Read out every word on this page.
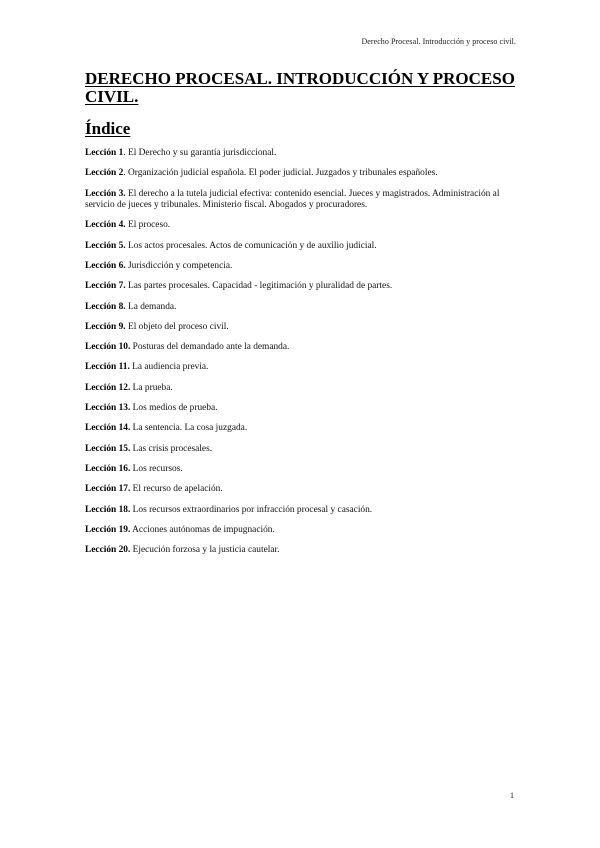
Derecho Procesal. Introducción y proceso civil.
DERECHO PROCESAL. INTRODUCCIÓN Y PROCESO CIVIL.
Índice
Lección 1. El Derecho y su garantía jurisdiccional.
Lección 2. Organización judicial española. El poder judicial. Juzgados y tribunales españoles.
Lección 3. El derecho a la tutela judicial efectiva: contenido esencial. Jueces y magistrados. Administración al servicio de jueces y tribunales. Ministerio fiscal. Abogados y procuradores.
Lección 4. El proceso.
Lección 5. Los actos procesales. Actos de comunicación y de auxilio judicial.
Lección 6. Jurisdicción y competencia.
Lección 7. Las partes procesales. Capacidad - legitimación y pluralidad de partes.
Lección 8. La demanda.
Lección 9. El objeto del proceso civil.
Lección 10. Posturas del demandado ante la demanda.
Lección 11. La audiencia previa.
Lección 12. La prueba.
Lección 13. Los medios de prueba.
Lección 14. La sentencia. La cosa juzgada.
Lección 15. Las crisis procesales.
Lección 16. Los recursos.
Lección 17. El recurso de apelación.
Lección 18. Los recursos extraordinarios por infracción procesal y casación.
Lección 19. Acciones autónomas de impugnación.
Lección 20. Ejecución forzosa y la justicia cautelar.
1
